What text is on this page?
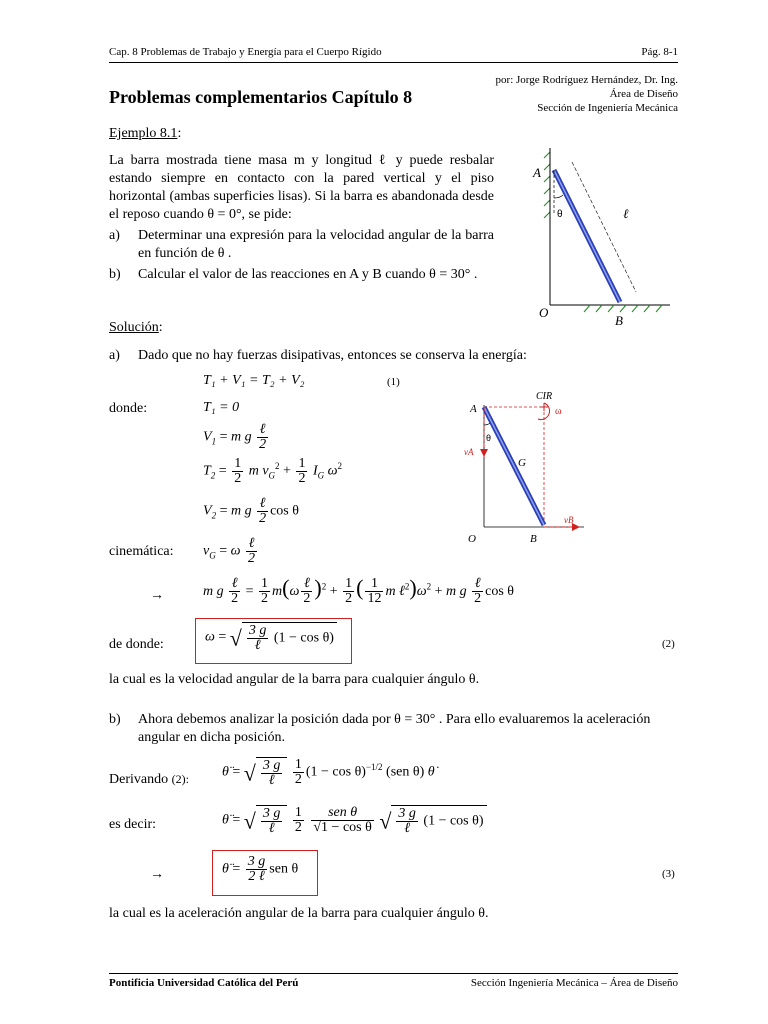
Cap. 8 Problemas de Trabajo y Energía para el Cuerpo Rígido	Pág. 8-1
por: Jorge Rodríguez Hernández, Dr. Ing.
Área de Diseño
Sección de Ingeniería Mecánica
Problemas complementarios Capítulo 8
Ejemplo 8.1:
La barra mostrada tiene masa m y longitud ℓ y puede resbalar estando siempre en contacto con la pared vertical y el piso horizontal (ambas superficies lisas). Si la barra es abandonada desde el reposo cuando θ = 0°, se pide:
a) Determinar una expresión para la velocidad angular de la barra en función de θ .
b) Calcular el valor de las reacciones en A y B cuando θ = 30° .
A
θ	ℓ
O
B
Solución:
a) Dado que no hay fuerzas disipativas, entonces se conserva la energía:
T₁ + V₁ = T₂ + V₂	(1)
donde:	T₁ = 0
$V_1 = m$ g $\frac{\text{ℓ}}{2}$
$T_2 = \frac{1}{2}$ m $v_G^2 + \frac{1}{2} I_G$ $\omega^2$
$V_2 = m$ g $\frac{\text{ℓ}}{2}$ cos θ
cinemática: $v_G = \omega \frac{\text{ℓ}}{2}$
→	m g $\frac{\text{ℓ}}{2} = \frac{1}{2} m(\omega \frac{\text{ℓ}}{2} )^2 + \frac{1}{2}$ ( $\frac{1}{12}$ m $\ell^2)\omega^2 + m$ g $\frac{\text{ℓ}}{2}$ cos θ
de donde:	ω = √ $\frac{3 g}{\text{ℓ}} (1 - \cos \theta)$	(2)
la cual es la velocidad angular de la barra para cualquier ángulo θ.
A
CIR
ω
θ
vA
G
vB
O	B
b) Ahora debemos analizar la posición dada por θ = 30° . Para ello evaluaremos la aceleración angular en dicha posición.
Derivando (2): θ̈ = √ $\frac{3 g}{\text{ℓ}}$
$\frac{1}{2} (1 - \cos \theta)^{-1/2}$ (sen θ) θ̇
es decir:	θ̈ = √ $\frac{3 g}{\text{ℓ}}$
$\frac{1}{2}$
$\frac{\text{sen θ}}{\text{√1 − cos θ}}$ √ $\frac{3 g}{\text{ℓ}} (1 - \cos \theta)$
→	θ̈ = $\frac{3 g}{\text{2 ℓ}}$ sen θ	(3)
la cual es la aceleración angular de la barra para cualquier ángulo θ.
Pontificia Universidad Católica del Perú	Sección Ingeniería Mecánica – Área de Diseño
